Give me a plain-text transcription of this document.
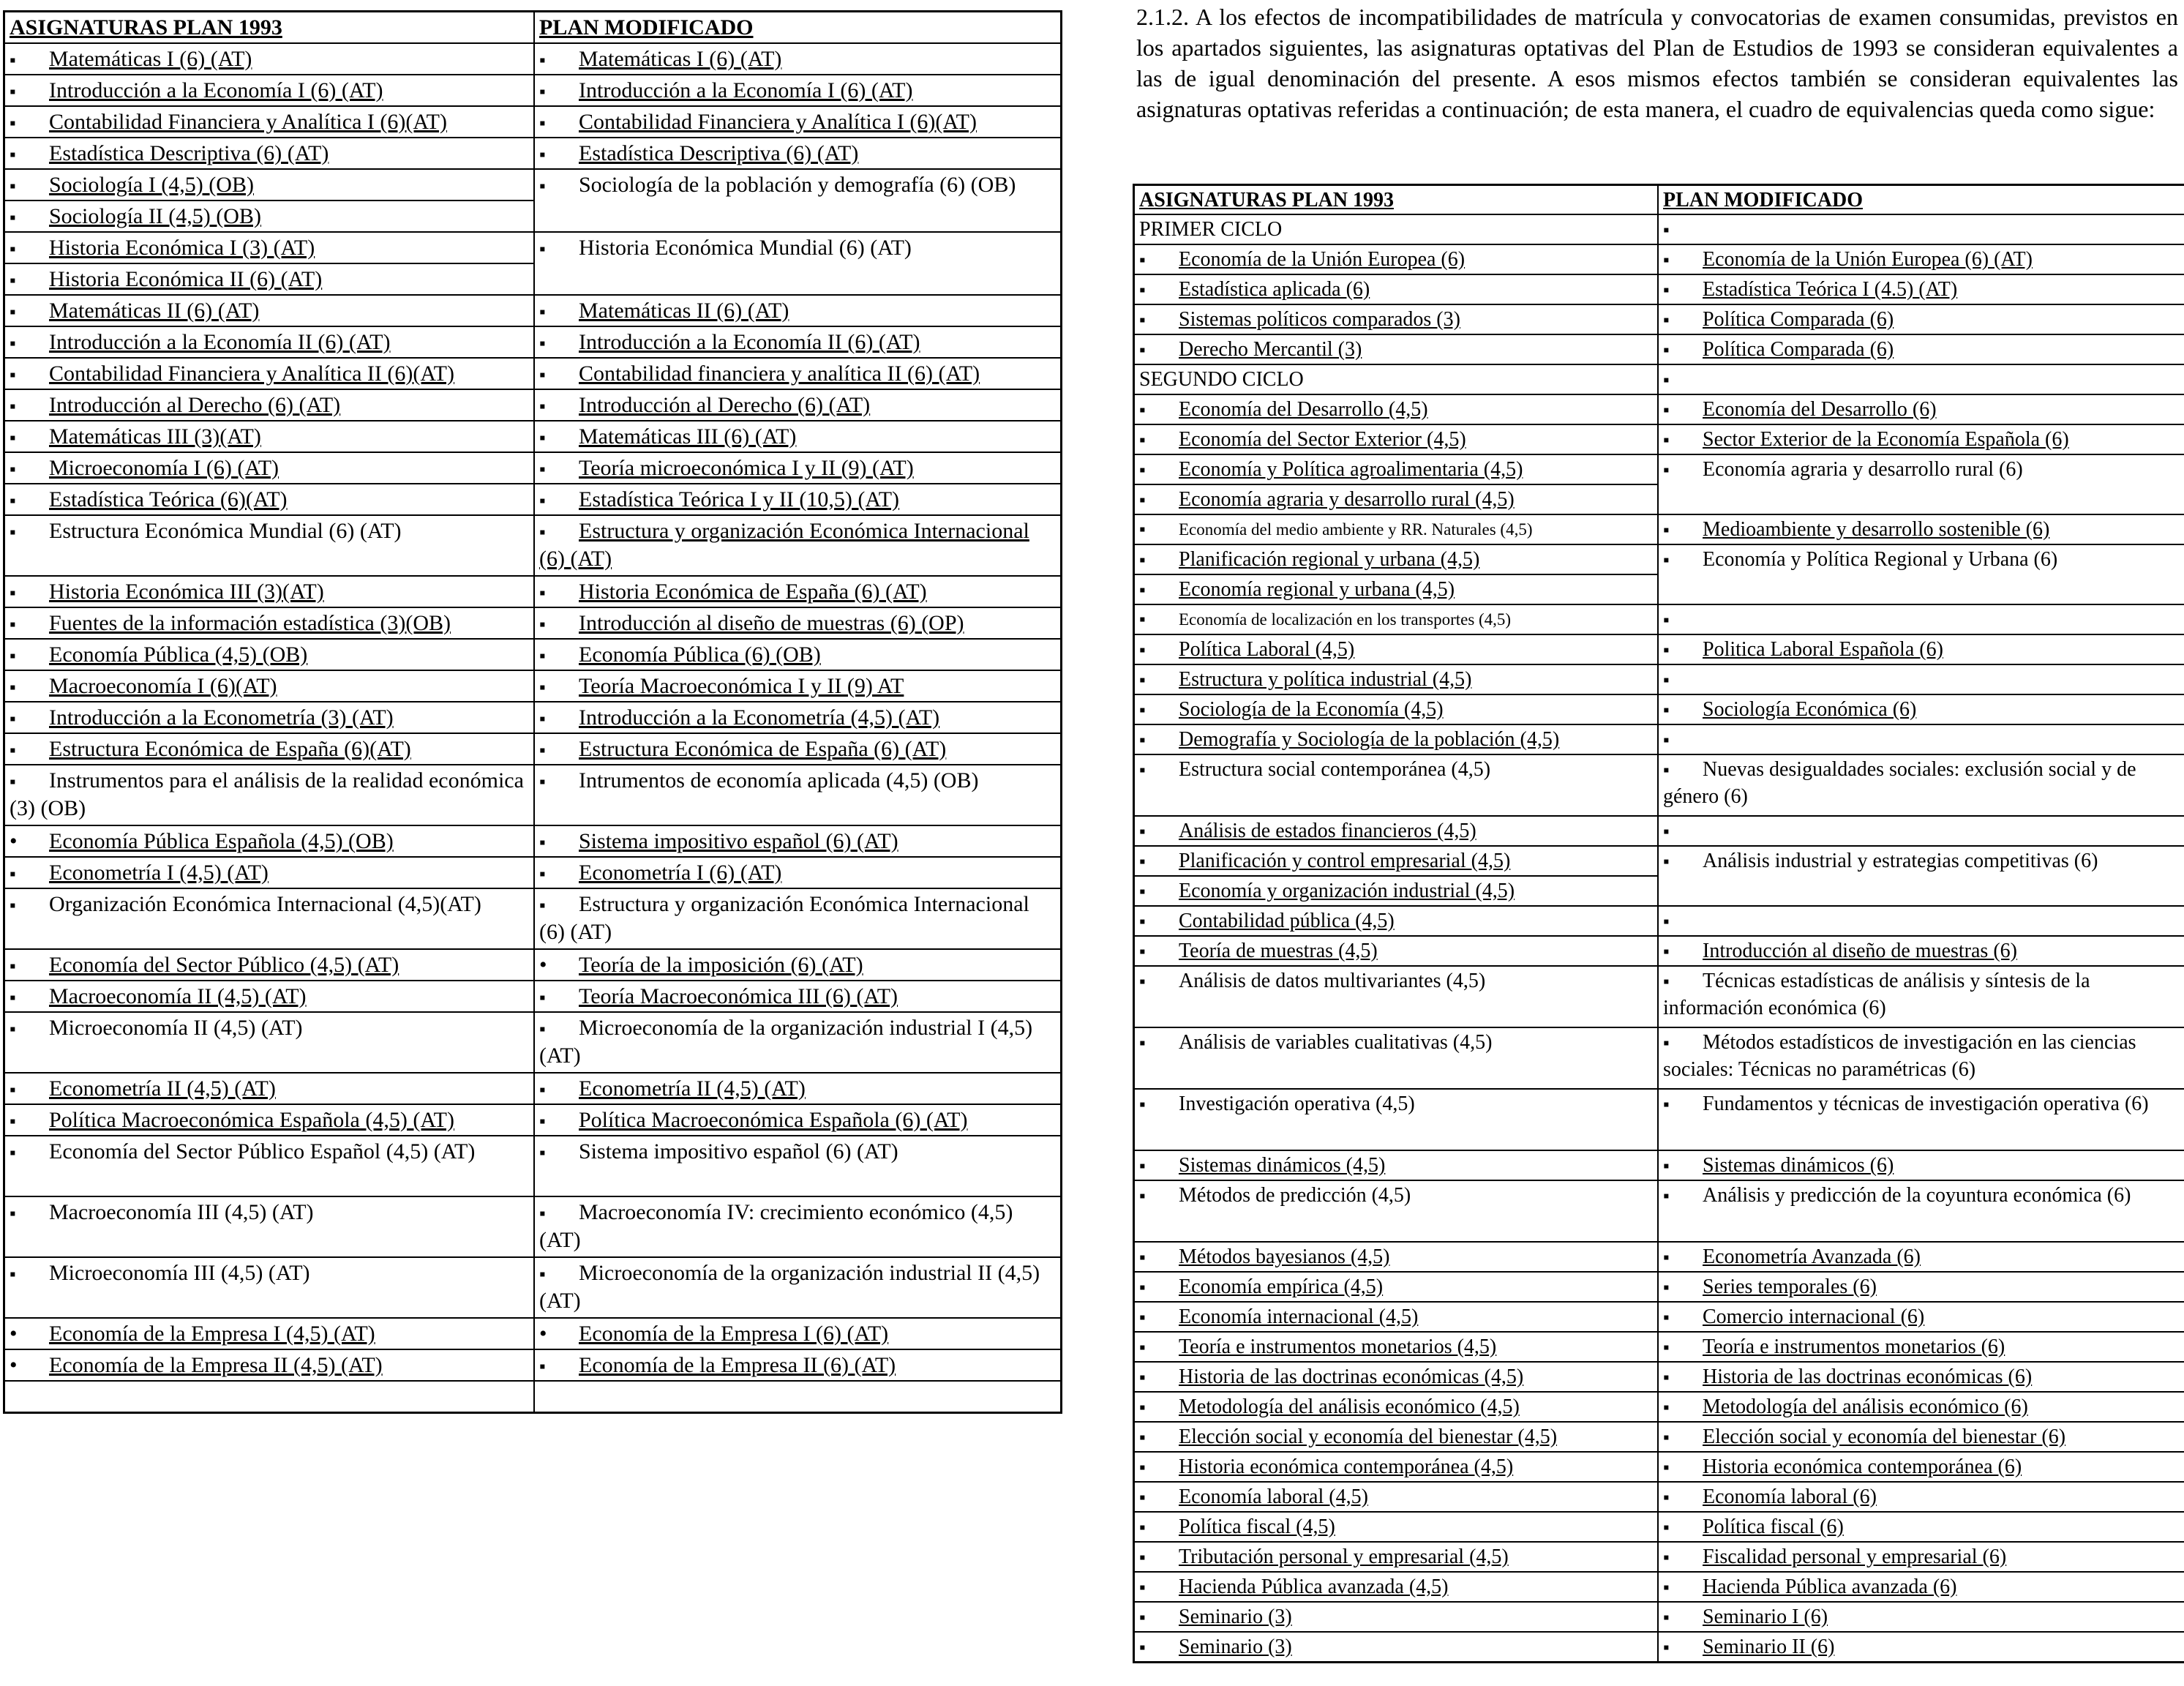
2.1.2. A los efectos de incompatibilidades de matrícula y convocatorias de examen consumidas, previstos en los apartados siguientes, las asignaturas optativas del Plan de Estudios de 1993 se consideran equivalentes a las de igual denominación del presente. A esos mismos efectos también se consideran equivalentes las asignaturas optativas referidas a continuación; de esta manera, el cuadro de equivalencias queda como sigue:

ASIGNATURAS PLAN 1993	PLAN MODIFICADO
▪ Matemáticas I (6) (AT)	▪ Matemáticas I (6) (AT)
▪ Introducción a la Economía I (6) (AT)	▪ Introducción a la Economía I (6) (AT)
▪ Contabilidad Financiera y Analítica I (6)(AT)	▪ Contabilidad Financiera y Analítica I (6)(AT)
▪ Estadística Descriptiva (6) (AT)	▪ Estadística Descriptiva (6) (AT)
▪ Sociología I (4,5) (OB)	▪ Sociología de la población y demografía (6) (OB)
▪ Sociología II (4,5) (OB)
▪ Historia Económica I (3) (AT)	▪ Historia Económica Mundial (6) (AT)
▪ Historia Económica II (6) (AT)
▪ Matemáticas II (6) (AT)	▪ Matemáticas II (6) (AT)
▪ Introducción a la Economía II (6) (AT)	▪ Introducción a la Economía II (6) (AT)
▪ Contabilidad Financiera y Analítica II (6)(AT)	▪ Contabilidad financiera y analítica II (6) (AT)
▪ Introducción al Derecho (6) (AT)	▪ Introducción al Derecho (6) (AT)
▪ Matemáticas III (3)(AT)	▪ Matemáticas III (6) (AT)
▪ Microeconomía I (6) (AT)	▪ Teoría microeconómica I y II (9) (AT)
▪ Estadística Teórica (6)(AT)	▪ Estadística Teórica I y II (10,5) (AT)
▪ Estructura Económica Mundial (6) (AT)	▪ Estructura y organización Económica Internacional (6) (AT)
▪ Historia Económica III (3)(AT)	▪ Historia Económica de España (6) (AT)
▪ Fuentes de la información estadística (3)(OB)	▪ Introducción al diseño de muestras (6) (OP)
▪ Economía Pública (4,5) (OB)	▪ Economía Pública (6) (OB)
▪ Macroeconomía I (6)(AT)	▪ Teoría Macroeconómica I y II (9) AT
▪ Introducción a la Econometría (3) (AT)	▪ Introducción a la Econometría (4,5) (AT)
▪ Estructura Económica de España (6)(AT)	▪ Estructura Económica de España (6) (AT)
▪ Instrumentos para el análisis de la realidad económica (3) (OB)	▪ Intrumentos de economía aplicada (4,5) (OB)
• Economía Pública Española (4,5) (OB)	▪ Sistema impositivo español (6) (AT)
▪ Econometría I (4,5) (AT)	▪ Econometría I (6) (AT)
▪ Organización Económica Internacional (4,5)(AT)	▪ Estructura y organización Económica Internacional (6) (AT)
▪ Economía del Sector Público (4,5) (AT)	• Teoría de la imposición (6) (AT)
▪ Macroeconomía II (4,5) (AT)	▪ Teoría Macroeconómica III (6) (AT)
▪ Microeconomía II (4,5) (AT)	▪ Microeconomía de la organización industrial I (4,5) (AT)
▪ Econometría II (4,5) (AT)	▪ Econometría II (4,5) (AT)
▪ Política Macroeconómica Española (4,5) (AT)	▪ Política Macroeconómica Española (6) (AT)
▪ Economía del Sector Público Español (4,5) (AT)	▪ Sistema impositivo español (6) (AT)
▪ Macroeconomía III (4,5) (AT)	▪ Macroeconomía IV: crecimiento económico (4,5) (AT)
▪ Microeconomía III (4,5) (AT)	▪ Microeconomía de la organización industrial II (4,5) (AT)
• Economía de la Empresa I (4,5) (AT)	• Economía de la Empresa I (6) (AT)
• Economía de la Empresa II (4,5) (AT)	▪ Economía de la Empresa II (6) (AT)

ASIGNATURAS PLAN 1993	PLAN MODIFICADO
PRIMER CICLO	▪
▪ Economía de la Unión Europea (6)	▪ Economía de la Unión Europea (6) (AT)
▪ Estadística aplicada (6)	▪ Estadística Teórica I (4.5) (AT)
▪ Sistemas políticos comparados (3)	▪ Política Comparada (6)
▪ Derecho Mercantil (3)	▪ Política Comparada (6)
SEGUNDO CICLO	▪
▪ Economía del Desarrollo (4,5)	▪ Economía del Desarrollo (6)
▪ Economía del Sector Exterior (4,5)	▪ Sector Exterior de la Economía Española (6)
▪ Economía y Política agroalimentaria (4,5)	▪ Economía agraria y desarrollo rural (6)
▪ Economía agraria y desarrollo rural (4,5)
▪ Economía del medio ambiente y RR. Naturales (4,5)	▪ Medioambiente y desarrollo sostenible (6)
▪ Planificación regional y urbana (4,5)	▪ Economía y Política Regional y Urbana (6)
▪ Economía regional y urbana (4,5)
▪ Economía de localización en los transportes (4,5)	▪
▪ Política Laboral (4,5)	▪ Politica Laboral Española (6)
▪ Estructura y política industrial (4,5)	▪
▪ Sociología de la Economía (4,5)	▪ Sociología Económica (6)
▪ Demografía y Sociología de la población (4,5)	▪
▪ Estructura social contemporánea (4,5)	▪ Nuevas desigualdades sociales: exclusión social y de género (6)
▪ Análisis de estados financieros (4,5)	▪
▪ Planificación y control empresarial (4,5)	▪ Análisis industrial y estrategias competitivas (6)
▪ Economía y organización industrial (4,5)
▪ Contabilidad pública (4,5)	▪
▪ Teoría de muestras (4,5)	▪ Introducción al diseño de muestras (6)
▪ Análisis de datos multivariantes (4,5)	▪ Técnicas estadísticas de análisis y síntesis de la información económica (6)
▪ Análisis de variables cualitativas (4,5)	▪ Métodos estadísticos de investigación en las ciencias sociales: Técnicas no paramétricas (6)
▪ Investigación operativa (4,5)	▪ Fundamentos y técnicas de investigación operativa (6)
▪ Sistemas dinámicos (4,5)	▪ Sistemas dinámicos (6)
▪ Métodos de predicción (4,5)	▪ Análisis y predicción de la coyuntura económica (6)
▪ Métodos bayesianos (4,5)	▪ Econometría Avanzada (6)
▪ Economía empírica (4,5)	▪ Series temporales (6)
▪ Economía internacional (4,5)	▪ Comercio internacional (6)
▪ Teoría e instrumentos monetarios (4,5)	▪ Teoría e instrumentos monetarios (6)
▪ Historia de las doctrinas económicas (4,5)	▪ Historia de las doctrinas económicas (6)
▪ Metodología del análisis económico (4,5)	▪ Metodología del análisis económico (6)
▪ Elección social y economía del bienestar (4,5)	▪ Elección social y economía del bienestar (6)
▪ Historia económica contemporánea (4,5)	▪ Historia económica contemporánea (6)
▪ Economía laboral (4,5)	▪ Economía laboral (6)
▪ Política fiscal (4,5)	▪ Política fiscal (6)
▪ Tributación personal y empresarial (4,5)	▪ Fiscalidad personal y empresarial (6)
▪ Hacienda Pública avanzada (4,5)	▪ Hacienda Pública avanzada (6)
▪ Seminario (3)	▪ Seminario I (6)
▪ Seminario (3)	▪ Seminario II (6)
